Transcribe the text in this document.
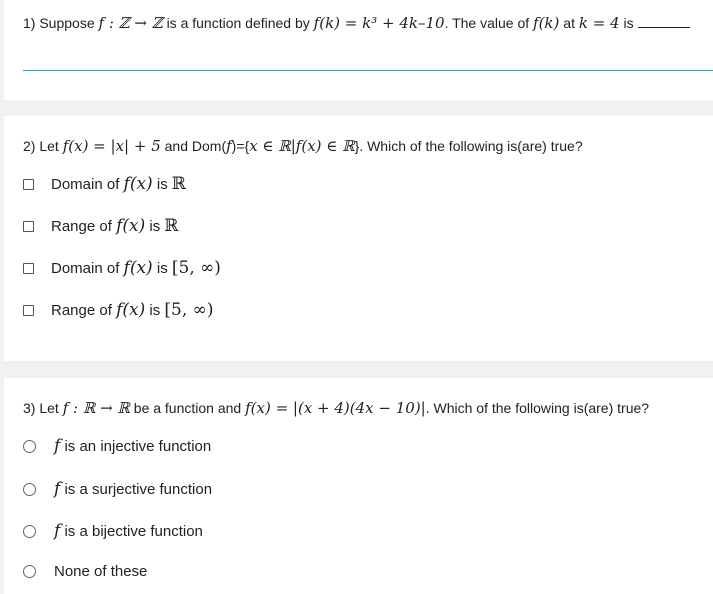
1) Suppose f : ℤ → ℤ is a function defined by f(k) = k³ + 4k–10. The value of f(k) at k = 4 is
2) Let f(x) = |x| + 5 and Dom(f)={x ∈ ℝ|f(x) ∈ ℝ}. Which of the following is(are) true?
Domain of
f(x)
is
ℝ
Range of
f(x)
is
ℝ
Domain of
f(x)
is
[5, ∞)
Range of
f(x)
is
[5, ∞)
3) Let f : ℝ → ℝ be a function and f(x) = |(x + 4)(4x − 10)|. Which of the following is(are) true?
f
is an injective function
f
is a surjective function
f
is a bijective function
None of these
